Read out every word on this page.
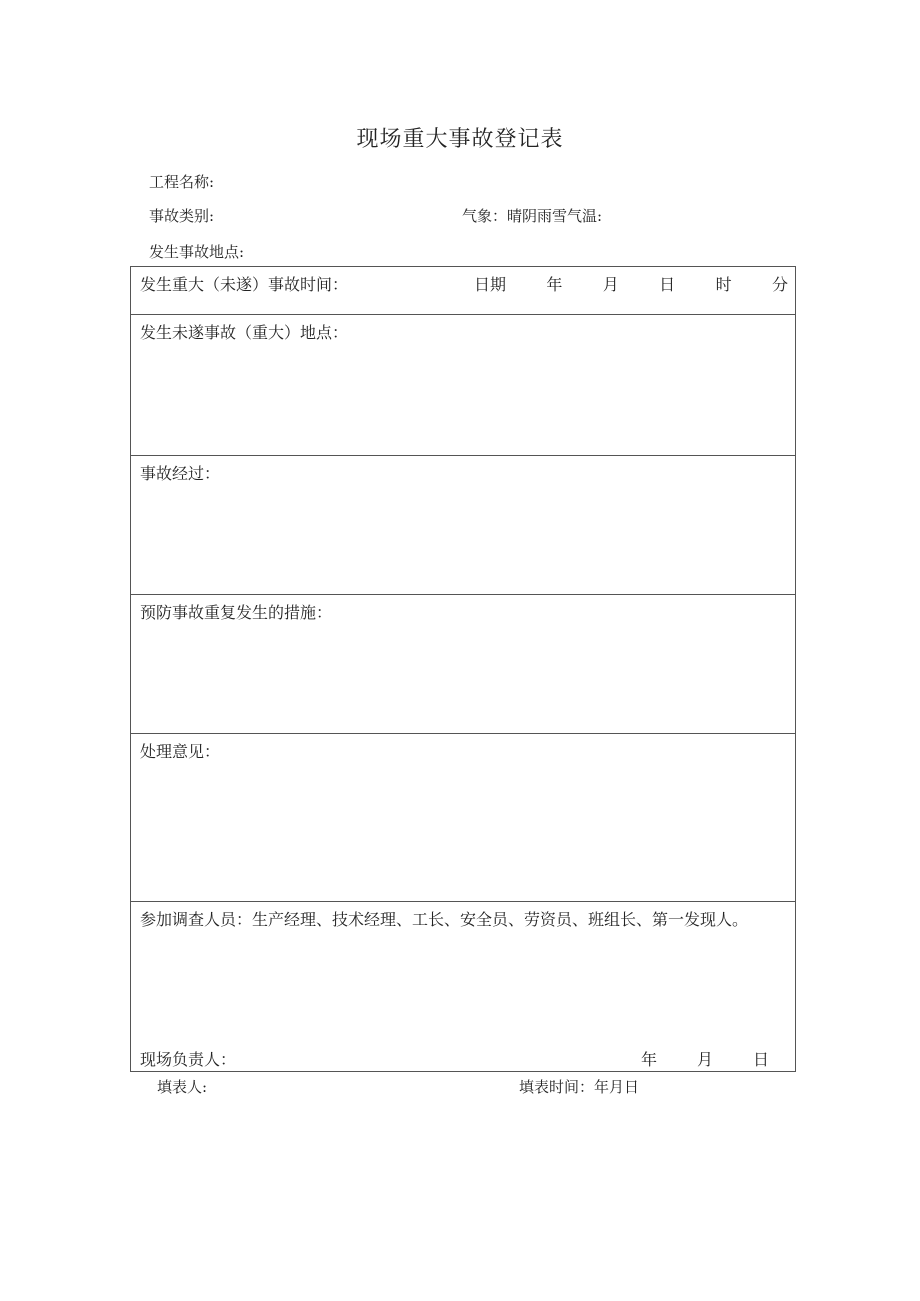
现场重大事故登记表
工程名称:
事故类别:	气象：晴阴雨雪气温:
发生事故地点:
发生重大（未遂）事故时间：	日期	年	月	日	时	分
发生未遂事故（重大）地点：
事故经过：
预防事故重复发生的措施：
处理意见：
参加调查人员：生产经理、技术经理、工长、安全员、劳资员、班组长、第一发现人。
现场负责人：	年 月 日
填表人:	填表时间：年月日
